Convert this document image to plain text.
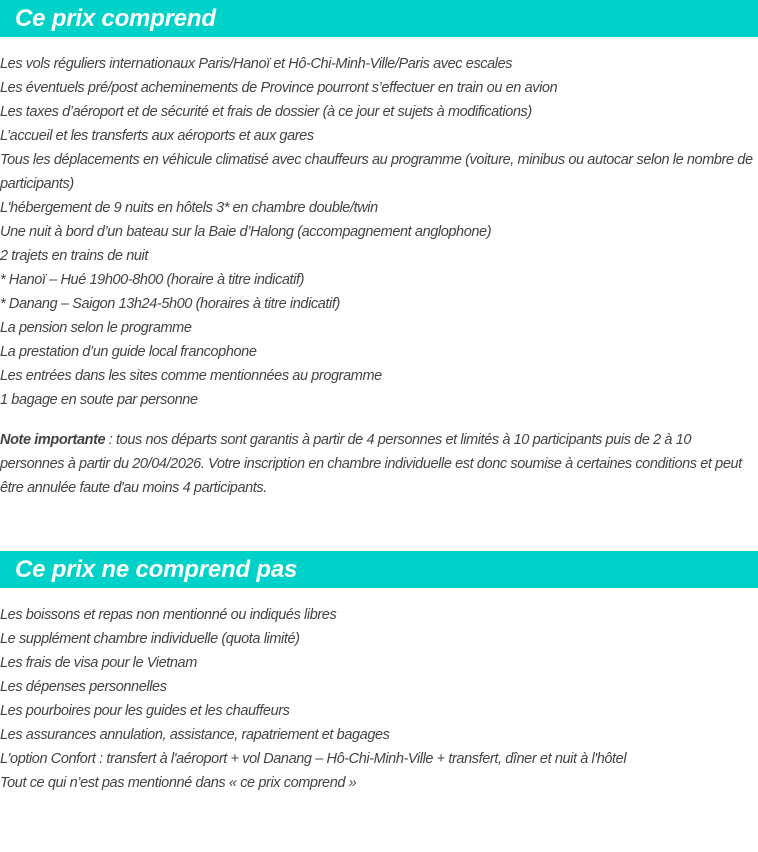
Ce prix comprend
Les vols réguliers internationaux Paris/Hanoï et Hô-Chi-Minh-Ville/Paris avec escales
Les éventuels pré/post acheminements de Province pourront s’effectuer en train ou en avion
Les taxes d’aéroport et de sécurité et frais de dossier (à ce jour et sujets à modifications)
L’accueil et les transferts aux aéroports et aux gares
Tous les déplacements en véhicule climatisé avec chauffeurs au programme (voiture, minibus ou autocar selon le nombre de participants)
L'hébergement de 9 nuits en hôtels 3* en chambre double/twin
Une nuit à bord d’un bateau sur la Baie d’Halong (accompagnement anglophone)
2 trajets en trains de nuit
* Hanoï – Hué 19h00-8h00 (horaire à titre indicatif)
* Danang – Saigon 13h24-5h00 (horaires à titre indicatif)
La pension selon le programme
La prestation d’un guide local francophone
Les entrées dans les sites comme mentionnées au programme
1 bagage en soute par personne

Note importante : tous nos départs sont garantis à partir de 4 personnes et limités à 10 participants puis de 2 à 10 personnes à partir du 20/04/2026. Votre inscription en chambre individuelle est donc soumise à certaines conditions et peut être annulée faute d'au moins 4 participants.

Ce prix ne comprend pas
Les boissons et repas non mentionné ou indiqués libres
Le supplément chambre individuelle (quota limité)
Les frais de visa pour le Vietnam
Les dépenses personnelles
Les pourboires pour les guides et les chauffeurs
Les assurances annulation, assistance, rapatriement et bagages
L'option Confort : transfert à l'aéroport + vol Danang – Hô-Chi-Minh-Ville + transfert, dîner et nuit à l'hôtel
Tout ce qui n’est pas mentionné dans « ce prix comprend »
